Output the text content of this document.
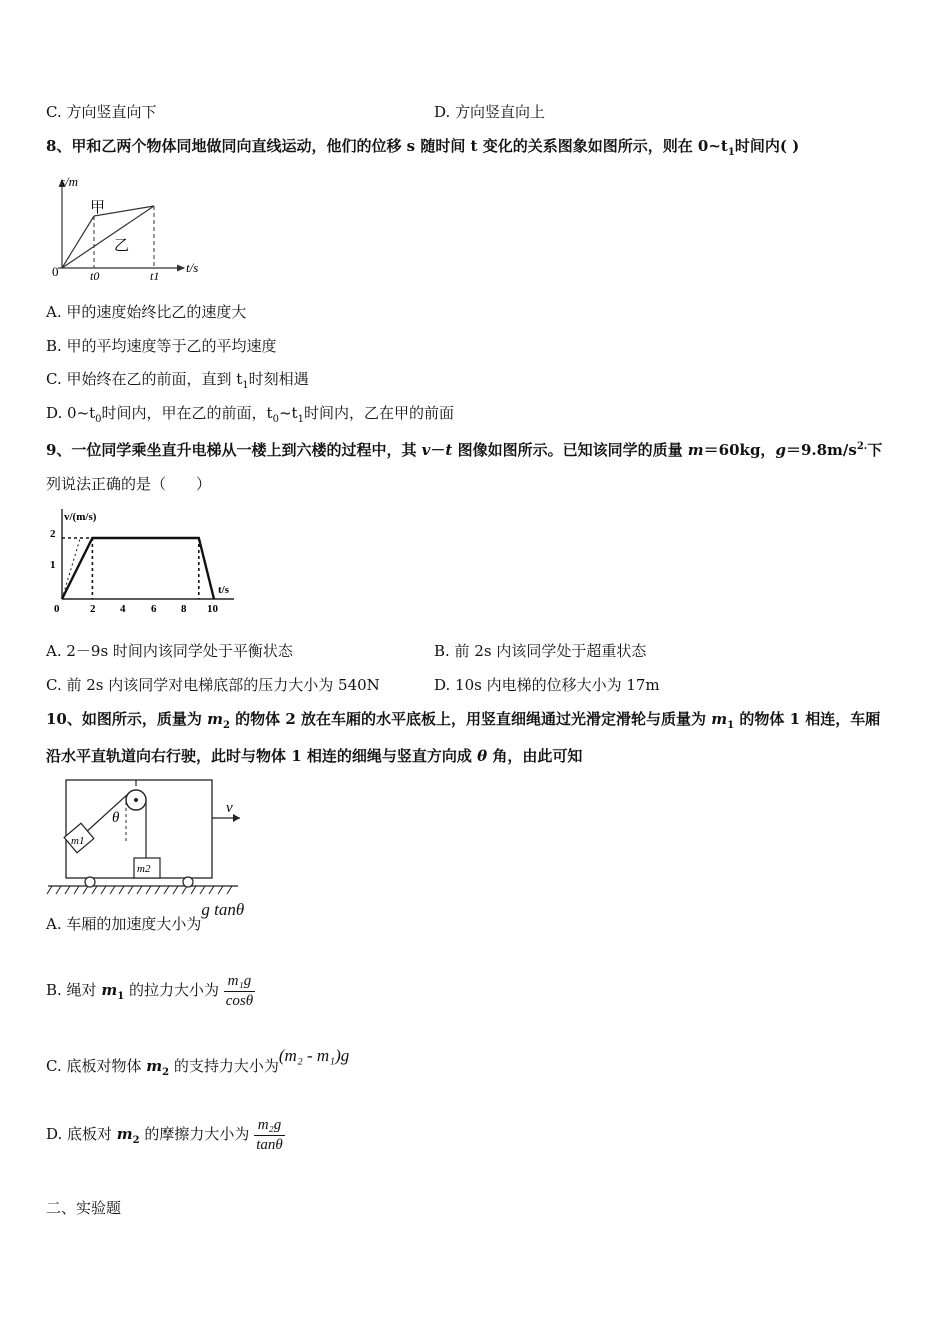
C. 方向竖直向下	D. 方向竖直向上
8、甲和乙两个物体同地做同向直线运动，他们的位移 s 随时间 t 变化的关系图象如图所示，则在 $0\sim t_1$时间内( )
s/m
t/s
0	t0	t1
甲
乙
A. 甲的速度始终比乙的速度大
B. 甲的平均速度等于乙的平均速度
C. 甲始终在乙的前面，直到 $t_1$时刻相遇
D. $0\sim t_0$时间内，甲在乙的前面，$t_0\sim t_1$时间内，乙在甲的前面
9、一位同学乘坐直升电梯从一楼上到六楼的过程中，其 v－t 图像如图所示。已知该同学的质量 m＝60kg，$g=9.8m/s^{2.}$下
列说法正确的是（　　）
v/(m/s)
t/s
2
1
0	2 4 6 8 10
A. 2－9s 时间内该同学处于平衡状态	B. 前 2s 内该同学处于超重状态
C. 前 2s 内该同学对电梯底部的压力大小为 540N	D. 10s 内电梯的位移大小为 17m
10、如图所示，质量为 $m_2$ 的物体 2 放在车厢的水平底板上，用竖直细绳通过光滑定滑轮与质量为 $m_1$ 的物体 1 相连，车厢
沿水平直轨道向右行驶，此时与物体 1 相连的细绳与竖直方向成 θ 角，由此可知
θ
m1
m2
v
A. 车厢的加速度大小为g tanθ
B. 绳对 $m_1$ 的拉力大小为 $\frac{\text{m₁g}}{\cos\theta}$
C. 底板对物体 $m_2$ 的支持力大小为(m₂ - m₁)g
D. 底板对 $m_2$ 的摩擦力大小为 $\frac{\text{m₂g}}{\tan\theta}$
二、实验题
